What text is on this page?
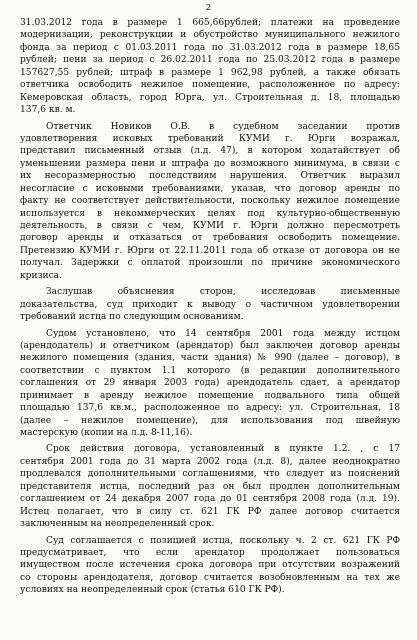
2
31.03.2012 года в размере 1 665,66рублей; платежи на проведение
модернизации, реконструкции и обустройство муниципального нежилого
фонда за период с 01.03.2011 года по 31.03.2012 года в размере 18,65
рублей; пени за период с 26.02.2011 года по 25.03.2012 года в размере
157627,55 рублей; штраф в размере 1 962,98 рублей, а также обязать
ответчика освободить нежилое помещение, расположенное по адресу:
Кемеровская область, город Юрга, ул. Строительная д. 18, площадью
137,6 кв. м.
Ответчик Новиков О.В. в судебном заседании против
удовлетворения исковых требований КУМИ г. Юрги возражал,
представил письменный отзыв (л.д. 47), в котором ходатайствует об
уменьшении размера пени и штрафа до возможного минимума, в связи с
их несоразмерностью последствиям нарушения. Ответчик выразил
несогласие с исковыми требованиями, указав, что договор аренды по
факту не соответствует действительности, поскольку нежилое помещение
используется в некоммерческих целях под культурно-общественную
деятельность, в связи с чем, КУМИ г. Юрги должно пересмотреть
договор аренды и отказаться от требования освободить помещение.
Претензию КУМИ г. Юрги от 22.11.2011 года об отказе от договора он не
получал. Задержки с оплатой произошли по причине экономического
кризиса.
Заслушав объяснения сторон, исследовав письменные
доказательства, суд приходит к выводу о частичном удовлетворении
требований истца по следующим основаниям.
Судом установлено, что 14 сентября 2001 года между истцом
(арендодатель) и ответчиком (арендатор) был заключен договор аренды
нежилого помещения (здания, части здания) № 990 (далее – договор), в
соответствии с пунктом 1.1 которого (в редакции дополнительного
соглашения от 29 января 2003 года) арендодатель сдает, а арендатор
принимает в аренду нежилое помещение подвального типа общей
площадью 137,6 кв.м., расположенное по адресу: ул. Строительная, 18
(далее – нежилое помещение), для использования под швейную
мастерскую (копии на л.д. 8-11,16).
Срок действия договора, установленный в пункте 1.2. , с 17
сентября 2001 года до 31 марта 2002 года (л.д. 8), далее неоднократно
продлевался дополнительными соглашениями, что следует из пояснений
представителя истца, последний раз он был продлен дополнительным
соглашением от 24 декабря 2007 года до 01 сентября 2008 года (л.д. 19).
Истец полагает, что в силу ст. 621 ГК РФ далее договор считается
заключенным на неопределенный срок.
Суд соглашается с позицией истца, поскольку ч. 2 ст. 621 ГК РФ
предусматривает, что если арендатор продолжает пользоваться
имуществом после истечения срока договора при отсутствии возражений
со стороны арендодателя, договор считается возобновленным на тех же
условиях на неопределенный срок (статья 610 ГК РФ).
